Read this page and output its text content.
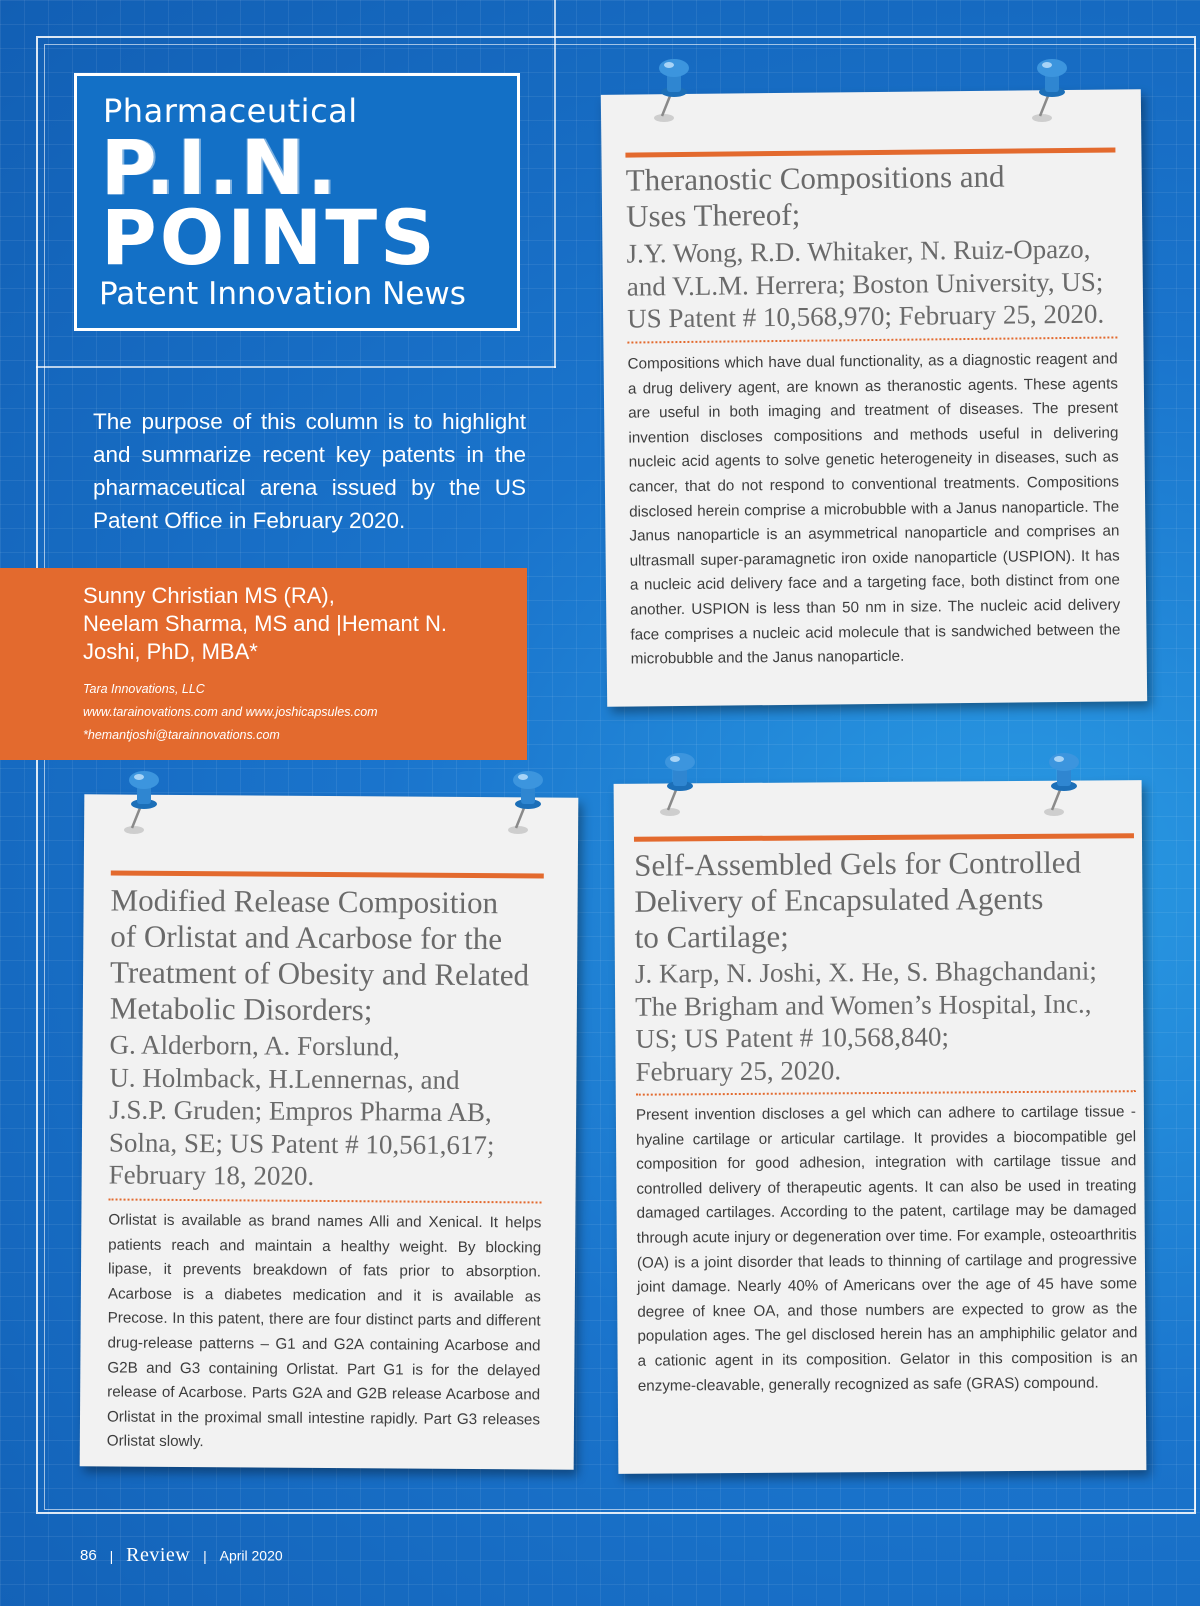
Pharmaceutical
P.I.N.
POINTS
Patent Innovation News
The purpose of this column is to highlight and summarize recent key patents in the pharmaceutical arena issued by the US Patent Office in February 2020.
Sunny Christian MS (RA),
Neelam Sharma, MS and |Hemant N.
Joshi, PhD, MBA*
Tara Innovations, LLC
www.tarainovations.com and www.joshicapsules.com
*hemantjoshi@tarainnovations.com
Theranostic Compositions and
Uses Thereof;
J.Y. Wong, R.D. Whitaker, N. Ruiz-Opazo,
and V.L.M. Herrera; Boston University, US;
US Patent # 10,568,970; February 25, 2020.
Compositions which have dual functionality, as a diagnostic reagent and a drug delivery agent, are known as theranostic agents. These agents are useful in both imaging and treatment of diseases. The present invention discloses compositions and methods useful in delivering nucleic acid agents to solve genetic heterogeneity in diseases, such as cancer, that do not respond to conventional treatments. Compositions disclosed herein comprise a microbubble with a Janus nanoparticle. The Janus nanoparticle is an asymmetrical nanoparticle and comprises an ultrasmall super-paramagnetic iron oxide nanoparticle (USPION). It has a nucleic acid delivery face and a targeting face, both distinct from one another. USPION is less than 50 nm in size. The nucleic acid delivery face comprises a nucleic acid molecule that is sandwiched between the microbubble and the Janus nanoparticle.
Modified Release Composition
of Orlistat and Acarbose for the
Treatment of Obesity and Related
Metabolic Disorders;
G. Alderborn, A. Forslund,
U. Holmback, H.Lennernas, and
J.S.P. Gruden; Empros Pharma AB,
Solna, SE; US Patent # 10,561,617;
February 18, 2020.
Orlistat is available as brand names Alli and Xenical. It helps patients reach and maintain a healthy weight. By blocking lipase, it prevents breakdown of fats prior to absorption. Acarbose is a diabetes medication and it is available as Precose. In this patent, there are four distinct parts and different drug-release patterns – G1 and G2A containing Acarbose and G2B and G3 containing Orlistat. Part G1 is for the delayed release of Acarbose. Parts G2A and G2B release Acarbose and Orlistat in the proximal small intestine rapidly. Part G3 releases Orlistat slowly.
Self-Assembled Gels for Controlled
Delivery of Encapsulated Agents
to Cartilage;
J. Karp, N. Joshi, X. He, S. Bhagchandani;
The Brigham and Women’s Hospital, Inc.,
US; US Patent # 10,568,840;
February 25, 2020.
Present invention discloses a gel which can adhere to cartilage tissue - hyaline cartilage or articular cartilage. It provides a biocompatible gel composition for good adhesion, integration with cartilage tissue and controlled delivery of therapeutic agents. It can also be used in treating damaged cartilages. According to the patent, cartilage may be damaged through acute injury or degeneration over time. For example, osteoarthritis (OA) is a joint disorder that leads to thinning of cartilage and progressive joint damage. Nearly 40% of Americans over the age of 45 have some degree of knee OA, and those numbers are expected to grow as the population ages. The gel disclosed herein has an amphiphilic gelator and a cationic agent in its composition. Gelator in this composition is an enzyme-cleavable, generally recognized as safe (GRAS) compound.
86 | Review | April 2020
